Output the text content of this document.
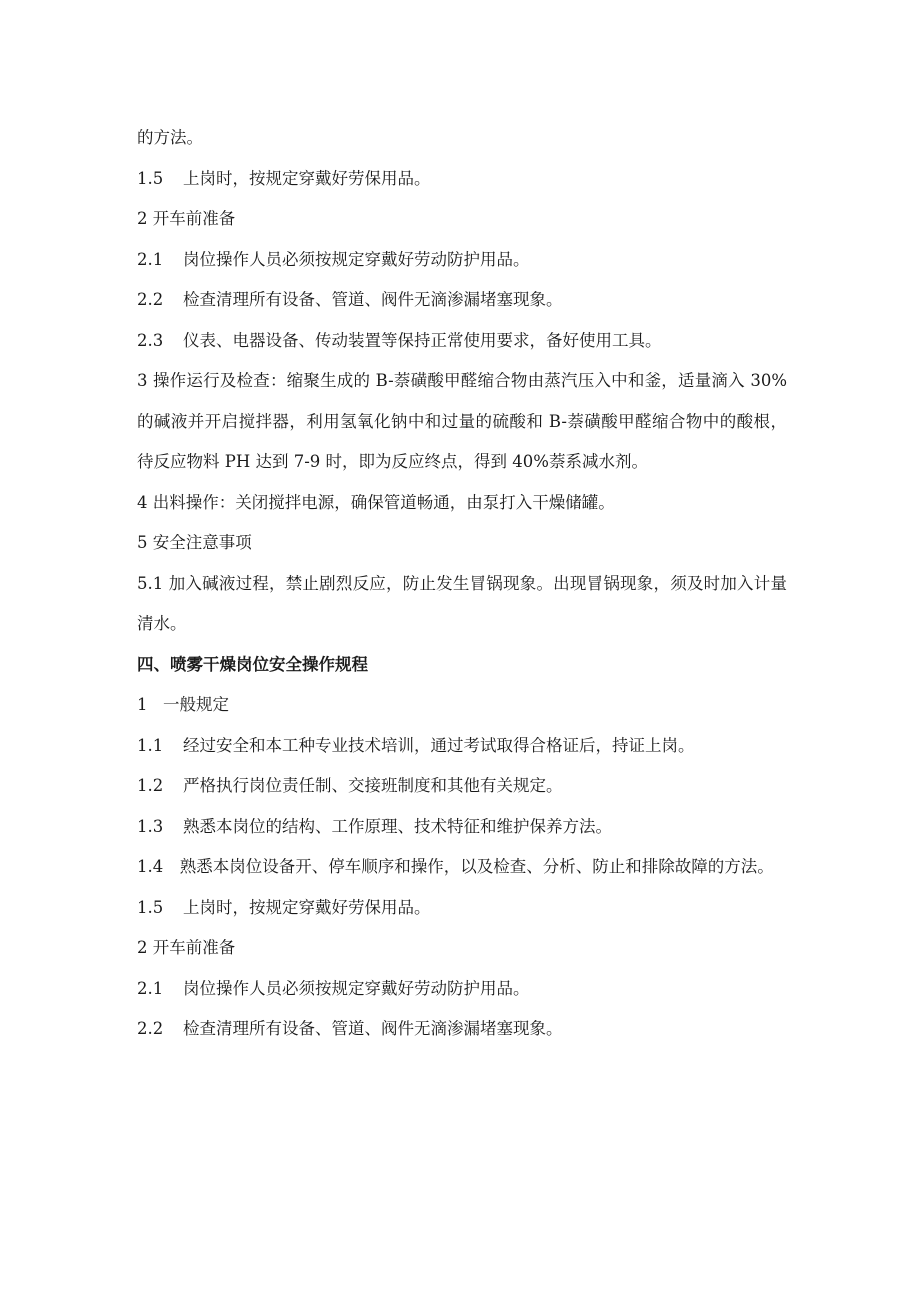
的方法。

1.5 上岗时，按规定穿戴好劳保用品。

2 开车前准备

2.1 岗位操作人员必须按规定穿戴好劳动防护用品。

2.2 检查清理所有设备、管道、阀件无滴渗漏堵塞现象。

2.3 仪表、电器设备、传动装置等保持正常使用要求，备好使用工具。

3 操作运行及检查：缩聚生成的 B-萘磺酸甲醛缩合物由蒸汽压入中和釜，适量滴入 30%的碱液并开启搅拌器，利用氢氧化钠中和过量的硫酸和 B-萘磺酸甲醛缩合物中的酸根，待反应物料 PH 达到 7-9 时，即为反应终点，得到 40%萘系减水剂。

4 出料操作：关闭搅拌电源，确保管道畅通，由泵打入干燥储罐。

5 安全注意事项

5.1 加入碱液过程，禁止剧烈反应，防止发生冒锅现象。出现冒锅现象，须及时加入计量清水。

四、喷雾干燥岗位安全操作规程

1 一般规定

1.1 经过安全和本工种专业技术培训，通过考试取得合格证后，持证上岗。

1.2 严格执行岗位责任制、交接班制度和其他有关规定。

1.3 熟悉本岗位的结构、工作原理、技术特征和维护保养方法。

1.4　熟悉本岗位设备开、停车顺序和操作，以及检查、分析、防止和排除故障的方法。

1.5 上岗时，按规定穿戴好劳保用品。

2 开车前准备

2.1 岗位操作人员必须按规定穿戴好劳动防护用品。

2.2 检查清理所有设备、管道、阀件无滴渗漏堵塞现象。
